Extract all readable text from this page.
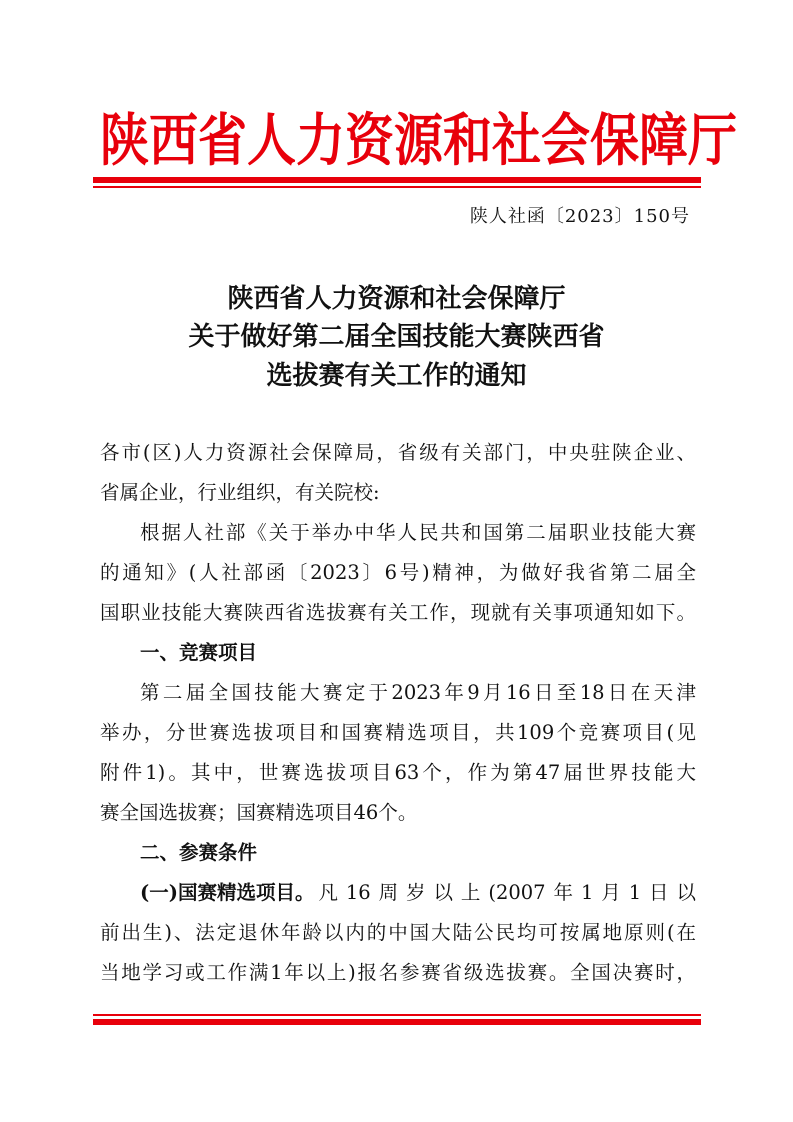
陕西省人力资源和社会保障厅
陕人社函〔2023〕150号
陕西省人力资源和社会保障厅
关于做好第二届全国技能大赛陕西省
选拔赛有关工作的通知
各市(区)人力资源社会保障局，省级有关部门，中央驻陕企业、
省属企业，行业组织，有关院校:
根据人社部《关于举办中华人民共和国第二届职业技能大赛
的通知》(人社部函〔2023〕6号)精神，为做好我省第二届全
国职业技能大赛陕西省选拔赛有关工作，现就有关事项通知如下。
一、竞赛项目
第二届全国技能大赛定于2023年9月16日至18日在天津
举办，分世赛选拔项目和国赛精选项目，共109个竞赛项目(见
附件1)。其中，世赛选拔项目63个，作为第47届世界技能大
赛全国选拔赛；国赛精选项目46个。
二、参赛条件
(一)国赛精选项目。 凡16周岁以上(2007年1月1日以
前出生)、法定退休年龄以内的中国大陆公民均可按属地原则(在
当地学习或工作满1年以上)报名参赛省级选拔赛。全国决赛时，
